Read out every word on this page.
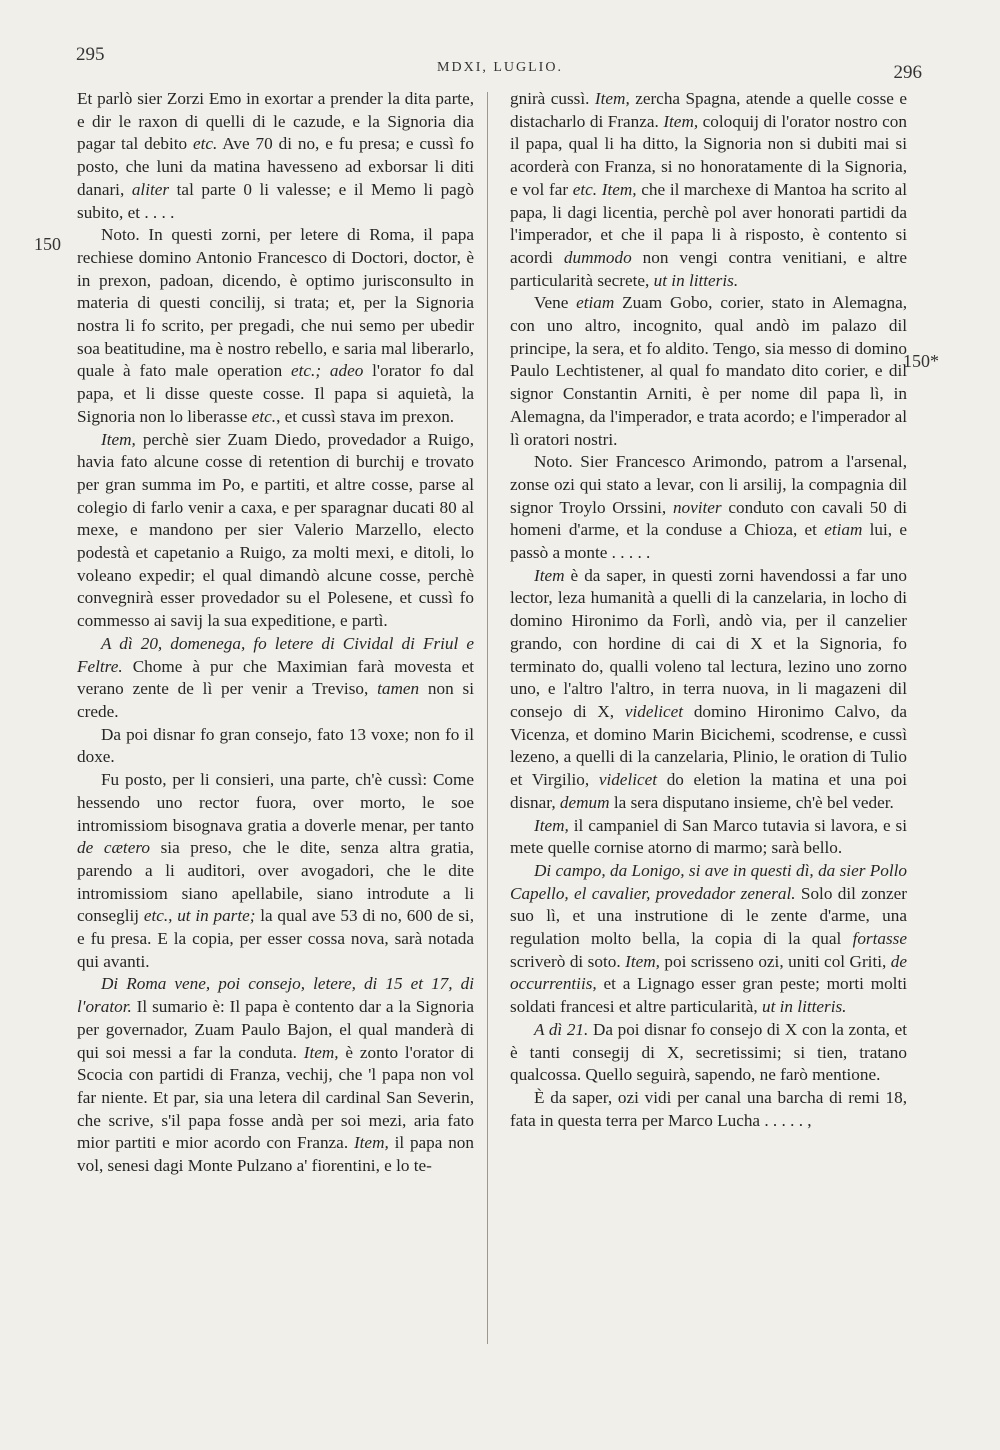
295
MDXI, LUGLIO.	296
150
150*

Et parlò sier Zorzi Emo in exortar a prender la dita parte, e dir le raxon di quelli di le cazude, e la Signoria dia pagar tal debito etc. Ave 70 di no, e fu presa; e cussì fo posto, che luni da matina havesseno ad exborsar li diti danari, aliter tal parte 0 li valesse; e il Memo li pagò subito, et . . . .

Noto. In questi zorni, per letere di Roma, il papa rechiese domino Antonio Francesco di Doctori, doctor, è in prexon, padoan, dicendo, è optimo jurisconsulto in materia di questi concilij, si trata; et, per la Signoria nostra li fo scrito, per pregadi, che nui semo per ubedir soa beatitudine, ma è nostro rebello, e saria mal liberarlo, quale à fato male operation etc.; adeo l'orator fo dal papa, et li disse queste cosse. Il papa si aquietà, la Signoria non lo liberasse etc., et cussì stava im prexon.

Item, perchè sier Zuam Diedo, provedador a Ruigo, havia fato alcune cosse di retention di burchij e trovato per gran summa im Po, e partiti, et altre cosse, parse al colegio di farlo venir a caxa, e per sparagnar ducati 80 al mexe, e mandono per sier Valerio Marzello, electo podestà et capetanio a Ruigo, za molti mexi, e ditoli, lo voleano expedir; el qual dimandò alcune cosse, perchè convegnirà esser provedador su el Polesene, et cussì fo commesso ai savij la sua expeditione, e partì.

A dì 20, domenega, fo letere di Cividal di Friul e Feltre. Chome à pur che Maximian farà movesta et verano zente de lì per venir a Treviso, tamen non si crede.

Da poi disnar fo gran consejo, fato 13 voxe; non fo il doxe.

Fu posto, per li consieri, una parte, ch'è cussì: Come hessendo uno rector fuora, over morto, le soe intromissiom bisognava gratia a doverle menar, per tanto de cætero sia preso, che le dite, senza altra gratia, parendo a li auditori, over avogadori, che le dite intromissiom siano apellabile, siano introdute a li conseglij etc., ut in parte; la qual ave 53 di no, 600 de si, e fu presa. E la copia, per esser cossa nova, sarà notada qui avanti.

Di Roma vene, poi consejo, letere, di 15 et 17, di l'orator. Il sumario è: Il papa è contento dar a la Signoria per governador, Zuam Paulo Bajon, el qual manderà di qui soi messi a far la conduta. Item, è zonto l'orator di Scocia con partidi di Franza, vechij, che 'l papa non vol far niente. Et par, sia una letera dil cardinal San Severin, che scrive, s'il papa fosse andà per soi mezi, aria fato mior partiti e mior acordo con Franza. Item, il papa non vol, senesi dagi Monte Pulzano a' fiorentini, e lo te-

gnirà cussì. Item, zercha Spagna, atende a quelle cosse e distacharlo di Franza. Item, coloquij di l'orator nostro con il papa, qual li ha ditto, la Signoria non si dubiti mai si acorderà con Franza, si no honoratamente di la Signoria, e vol far etc. Item, che il marchexe di Mantoa ha scrito al papa, li dagi licentia, perchè pol aver honorati partidi da l'imperador, et che il papa li à risposto, è contento si acordi dummodo non vengi contra venitiani, e altre particularità secrete, ut in litteris.

Vene etiam Zuam Gobo, corier, stato in Alemagna, con uno altro, incognito, qual andò im palazo dil principe, la sera, et fo aldito. Tengo, sia messo di domino Paulo Lechtistener, al qual fo mandato dito corier, e dil signor Constantin Arniti, è per nome dil papa lì, in Alemagna, da l'imperador, e trata acordo; e l'imperador al lì oratori nostri.

Noto. Sier Francesco Arimondo, patrom a l'arsenal, zonse ozi qui stato a levar, con li arsilij, la compagnia dil signor Troylo Orssini, noviter conduto con cavali 50 di homeni d'arme, et la conduse a Chioza, et etiam lui, e passò a monte . . . . .

Item è da saper, in questi zorni havendossi a far uno lector, leza humanità a quelli di la canzelaria, in locho di domino Hironimo da Forlì, andò via, per il canzelier grando, con hordine di cai di X et la Signoria, fo terminato do, qualli voleno tal lectura, lezino uno zorno uno, e l'altro l'altro, in terra nuova, in li magazeni dil consejo di X, videlicet domino Hironimo Calvo, da Vicenza, et domino Marin Bicichemi, scodrense, e cussì lezeno, a quelli di la canzelaria, Plinio, le oration di Tulio et Virgilio, videlicet do eletion la matina et una poi disnar, demum la sera disputano insieme, ch'è bel veder.

Item, il campaniel di San Marco tutavia si lavora, e si mete quelle cornise atorno di marmo; sarà bello.

Di campo, da Lonigo, si ave in questi dì, da sier Pollo Capello, el cavalier, provedador zeneral. Solo dil zonzer suo lì, et una instrutione di le zente d'arme, una regulation molto bella, la copia di la qual fortasse scriverò di soto. Item, poi scrisseno ozi, uniti col Griti, de occurrentiis, et a Lignago esser gran peste; morti molti soldati francesi et altre particularità, ut in litteris.

A dì 21. Da poi disnar fo consejo di X con la zonta, et è tanti consegij di X, secretissimi; si tien, tratano qualcossa. Quello seguirà, sapendo, ne farò mentione.

È da saper, ozi vidi per canal una barcha di remi 18, fata in questa terra per Marco Lucha . . . . . ,
